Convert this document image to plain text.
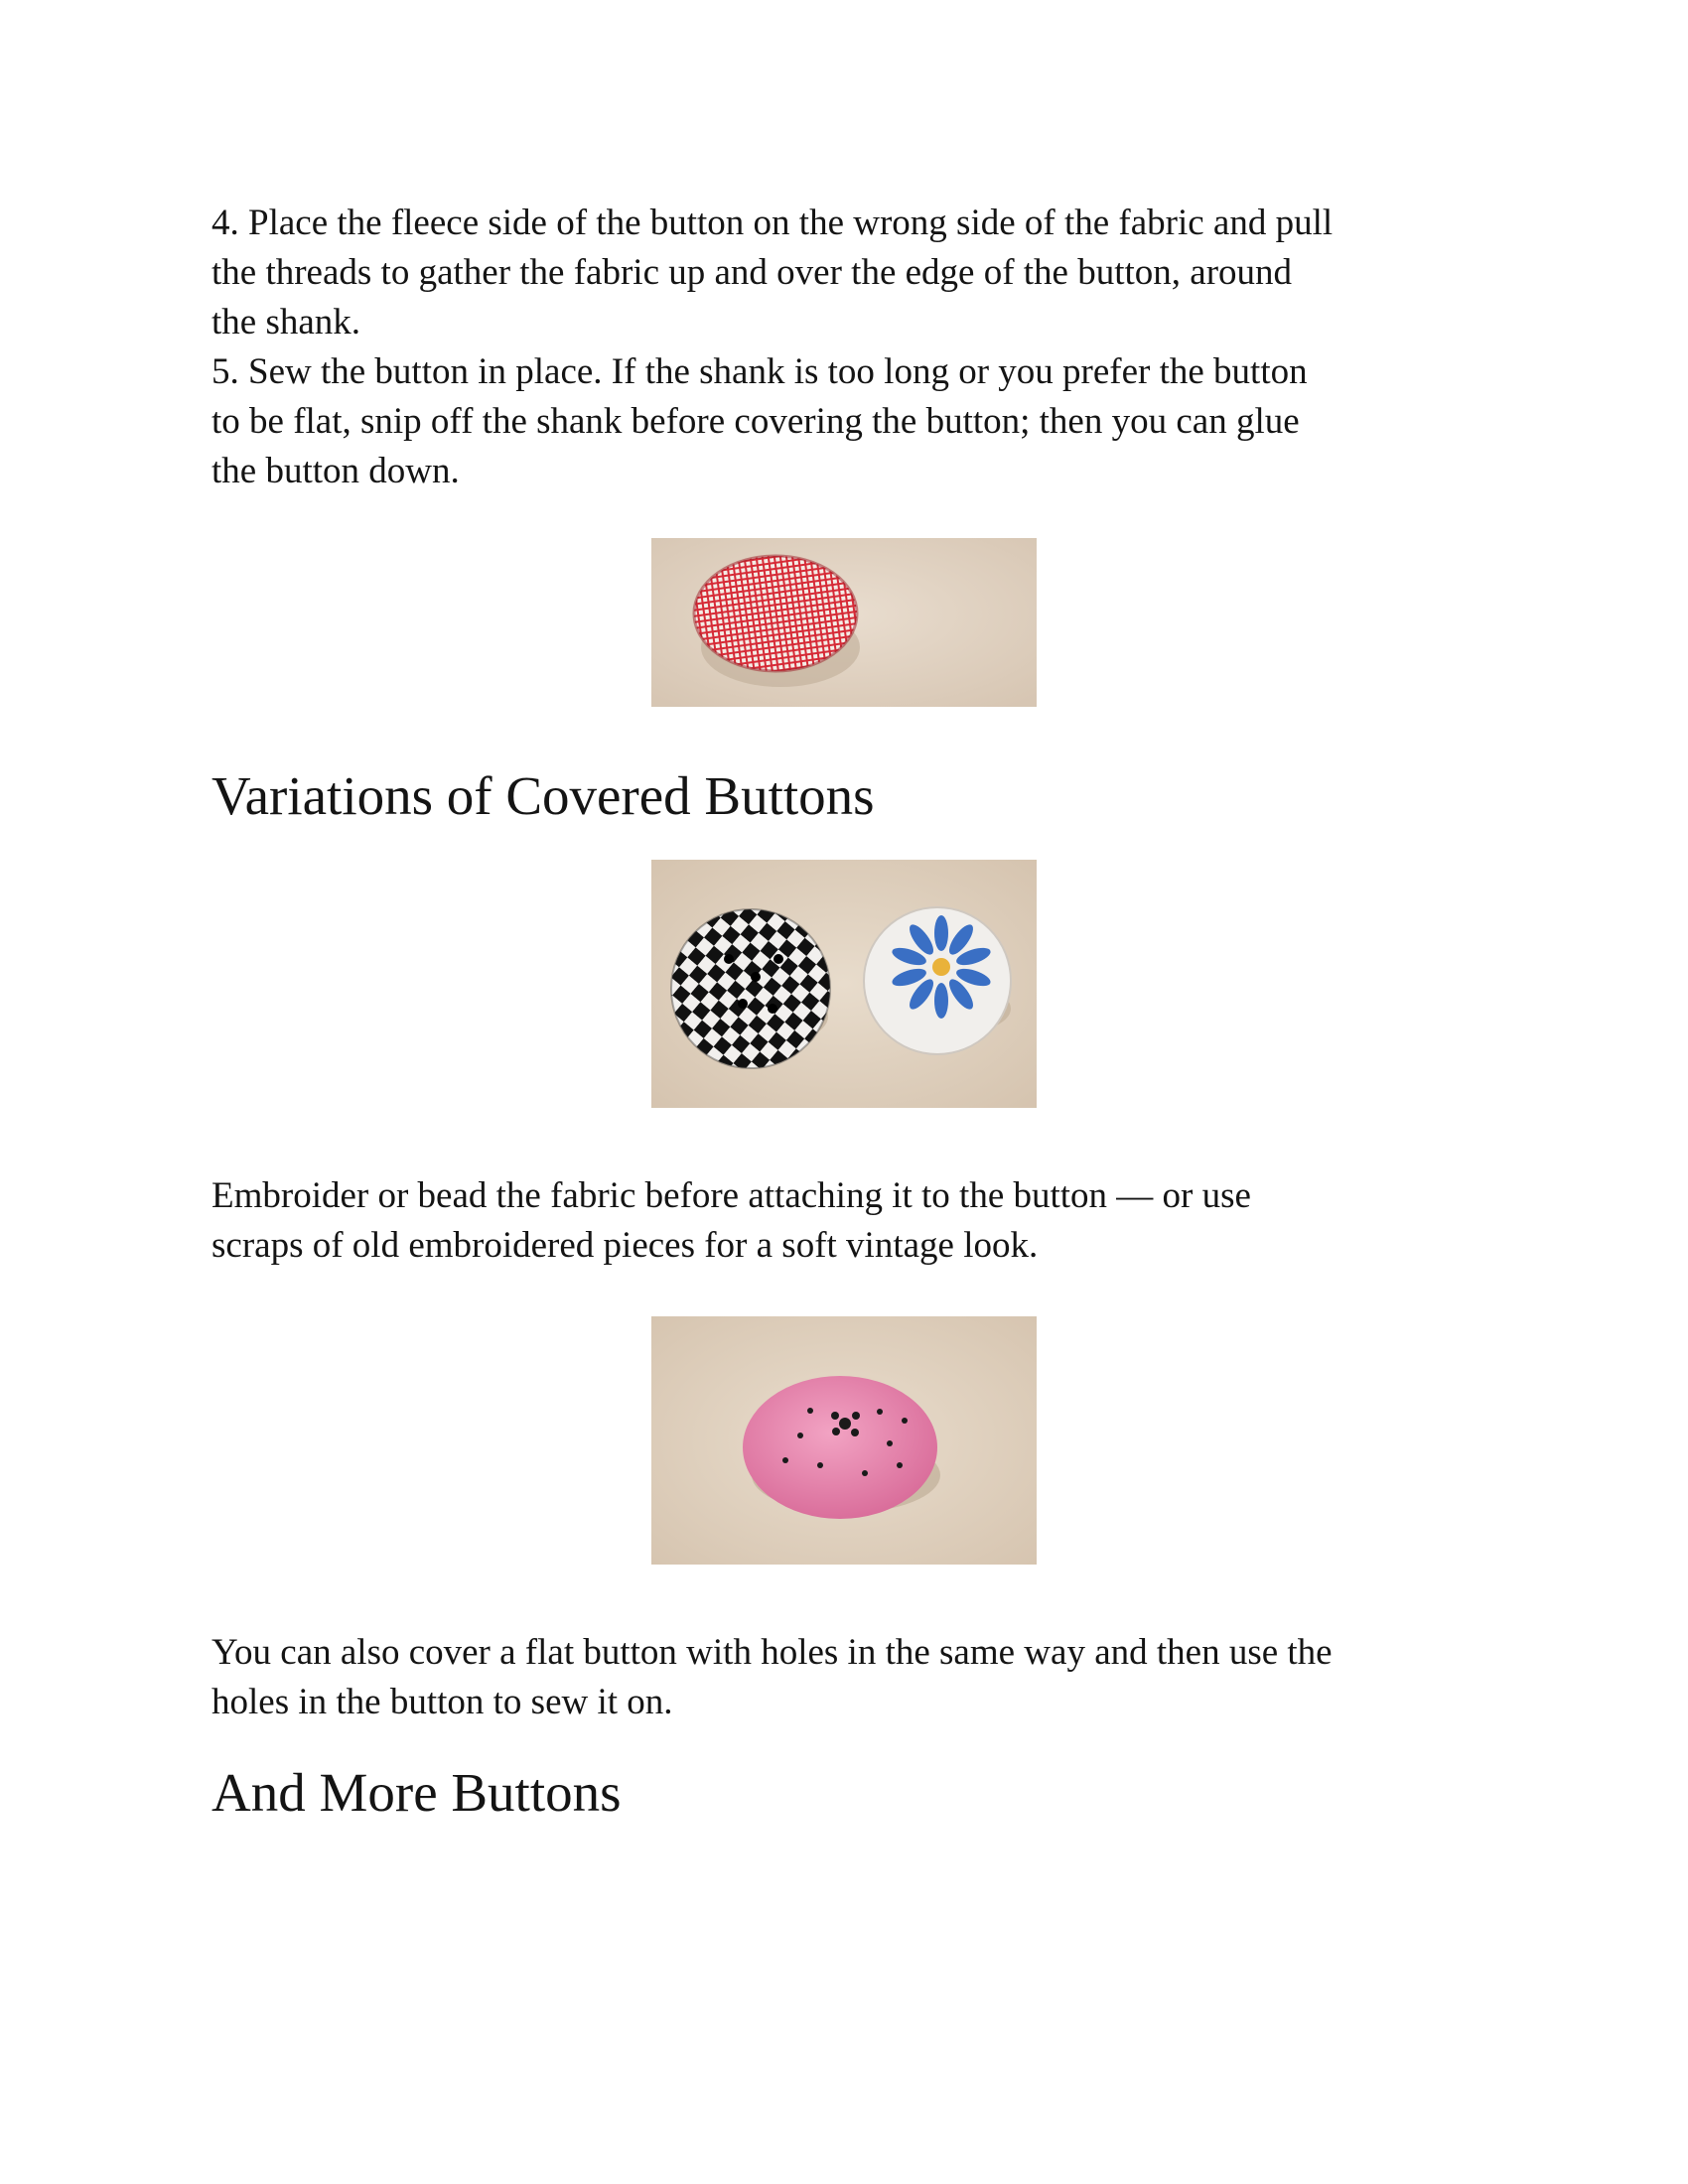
4. Place the fleece side of the button on the wrong side of the fabric and pull
the threads to gather the fabric up and over the edge of the button, around
the shank.

5. Sew the button in place. If the shank is too long or you prefer the button
to be flat, snip off the shank before covering the button; then you can glue
the button down.

Variations of Covered Buttons

Embroider or bead the fabric before attaching it to the button — or use
scraps of old embroidered pieces for a soft vintage look.

You can also cover a flat button with holes in the same way and then use the
holes in the button to sew it on.

And More Buttons
